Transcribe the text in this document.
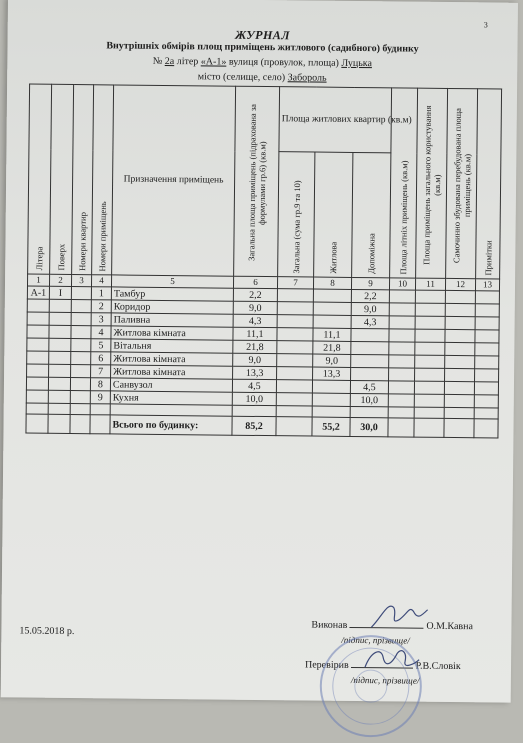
3
ЖУРНАЛ
Внутрішніх обмірів площ приміщень житлового (садибного) будинку
№ 2а літер «А-1» вулиця (провулок, площа) Луцька
місто (селище, село) Забороль
Літера	Поверх	Номери квартир	Номери приміщень	Призначення приміщень	Загальна площа приміщень (підрахована за формулами гр.6) (кв.м)	Площа житлових квартир (кв.м)			Площа літніх приміщень (кв.м)	Площа приміщень загального користування (кв.м)	Самочинно збудована перебудована площа приміщень (кв.м)	Примітки
						Загальна (сума гр.9 та 10)	Житлова	Допоміжна				
1	2	3	4	5	6	7	8	9	10	11	12	13
А-1	І		1	Тамбур	2,2			2,2				
			2	Коридор	9,0			9,0				
			3	Паливна	4,3			4,3				
			4	Житлова кімната	11,1		11,1					
			5	Вітальня	21,8		21,8					
			6	Житлова кімната	9,0		9,0					
			7	Житлова кімната	13,3		13,3					
			8	Санвузол	4,5			4,5				
			9	Кухня	10,0			10,0				

				Всього по будинку:	85,2		55,2	30,0				
15.05.2018 р.
Виконав	О.М.Кавна
/підпис, прізвище/
Перевірив	Р.В.Словік
/підпис, прізвище/
